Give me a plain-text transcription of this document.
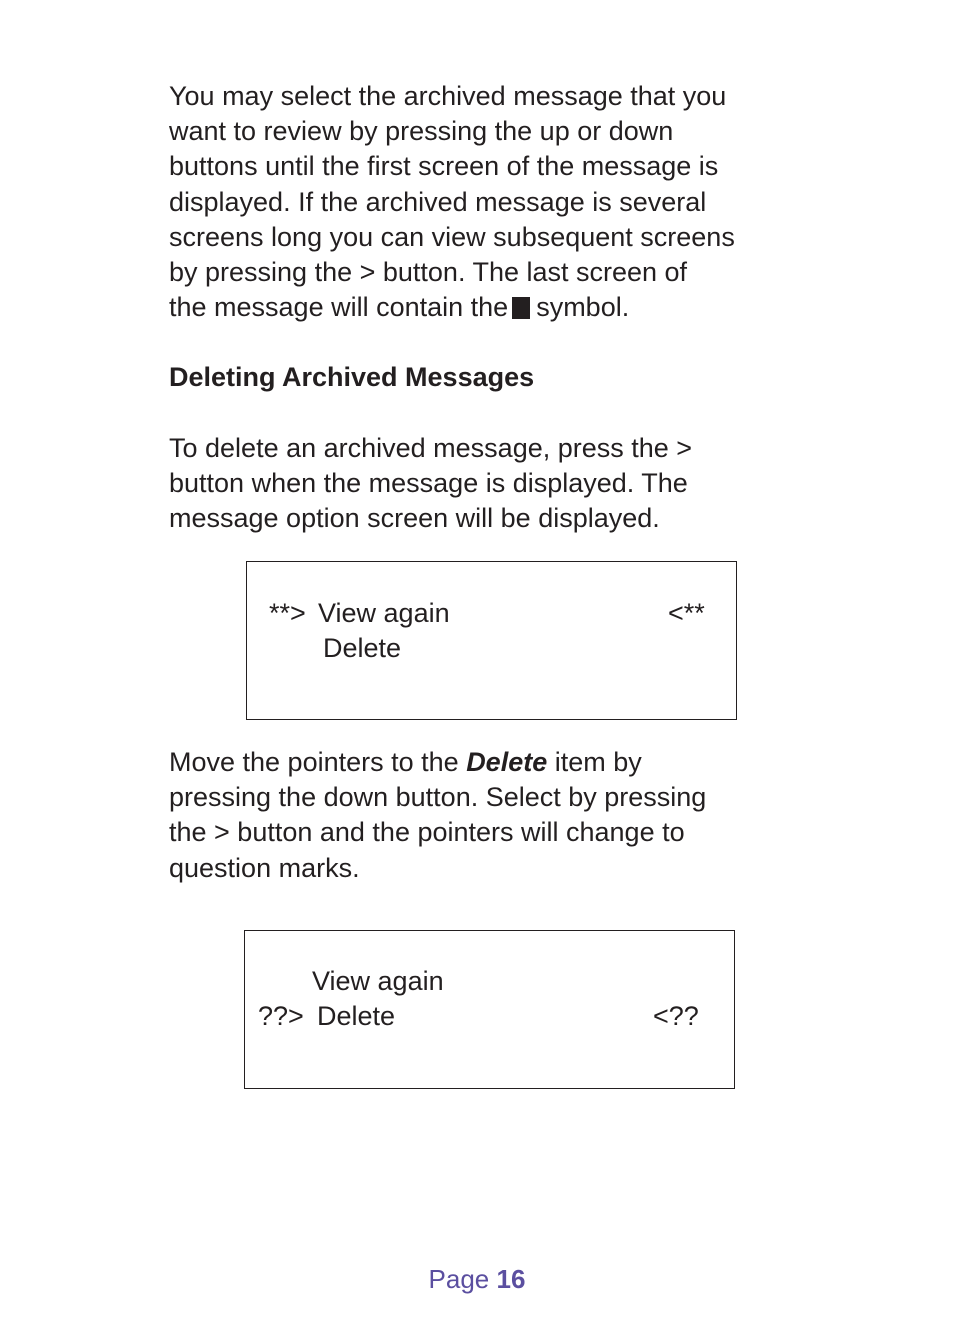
You may select the archived message that you
want to review by pressing the up or down
buttons until the first screen of the message is
displayed. If the archived message is several
screens long you can view subsequent screens
by pressing the > button. The last screen of
the message will contain the symbol.

Deleting Archived Messages

To delete an archived message, press the >
button when the message is displayed. The
message option screen will be displayed.

**> View again	<**
Delete

Move the pointers to the Delete item by
pressing the down button. Select by pressing
the > button and the pointers will change to
question marks.

View again
??> Delete	<??
Page 16
